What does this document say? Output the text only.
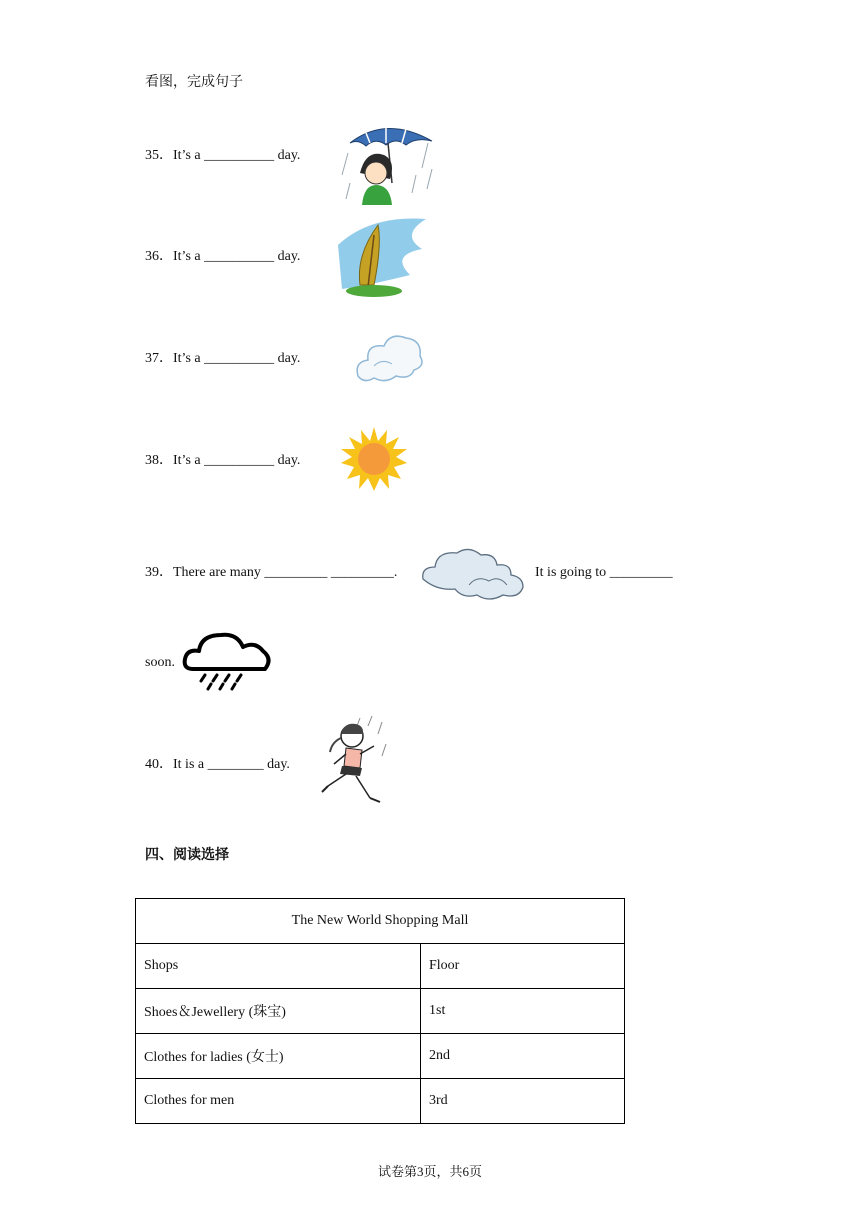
看图，完成句子
35．It’s a __________ day.
36．It’s a __________ day.
37．It’s a __________ day.
38．It’s a __________ day.
39．There are many _________ _________.	It is going to _________
soon.
40．It is a ________ day.
四、阅读选择
The New World Shopping Mall	
Shops	Floor
Shoes＆Jewellery (珠宝)	1st
Clothes for ladies (女士)	2nd
Clothes for men	3rd
试卷第3页，共6页
